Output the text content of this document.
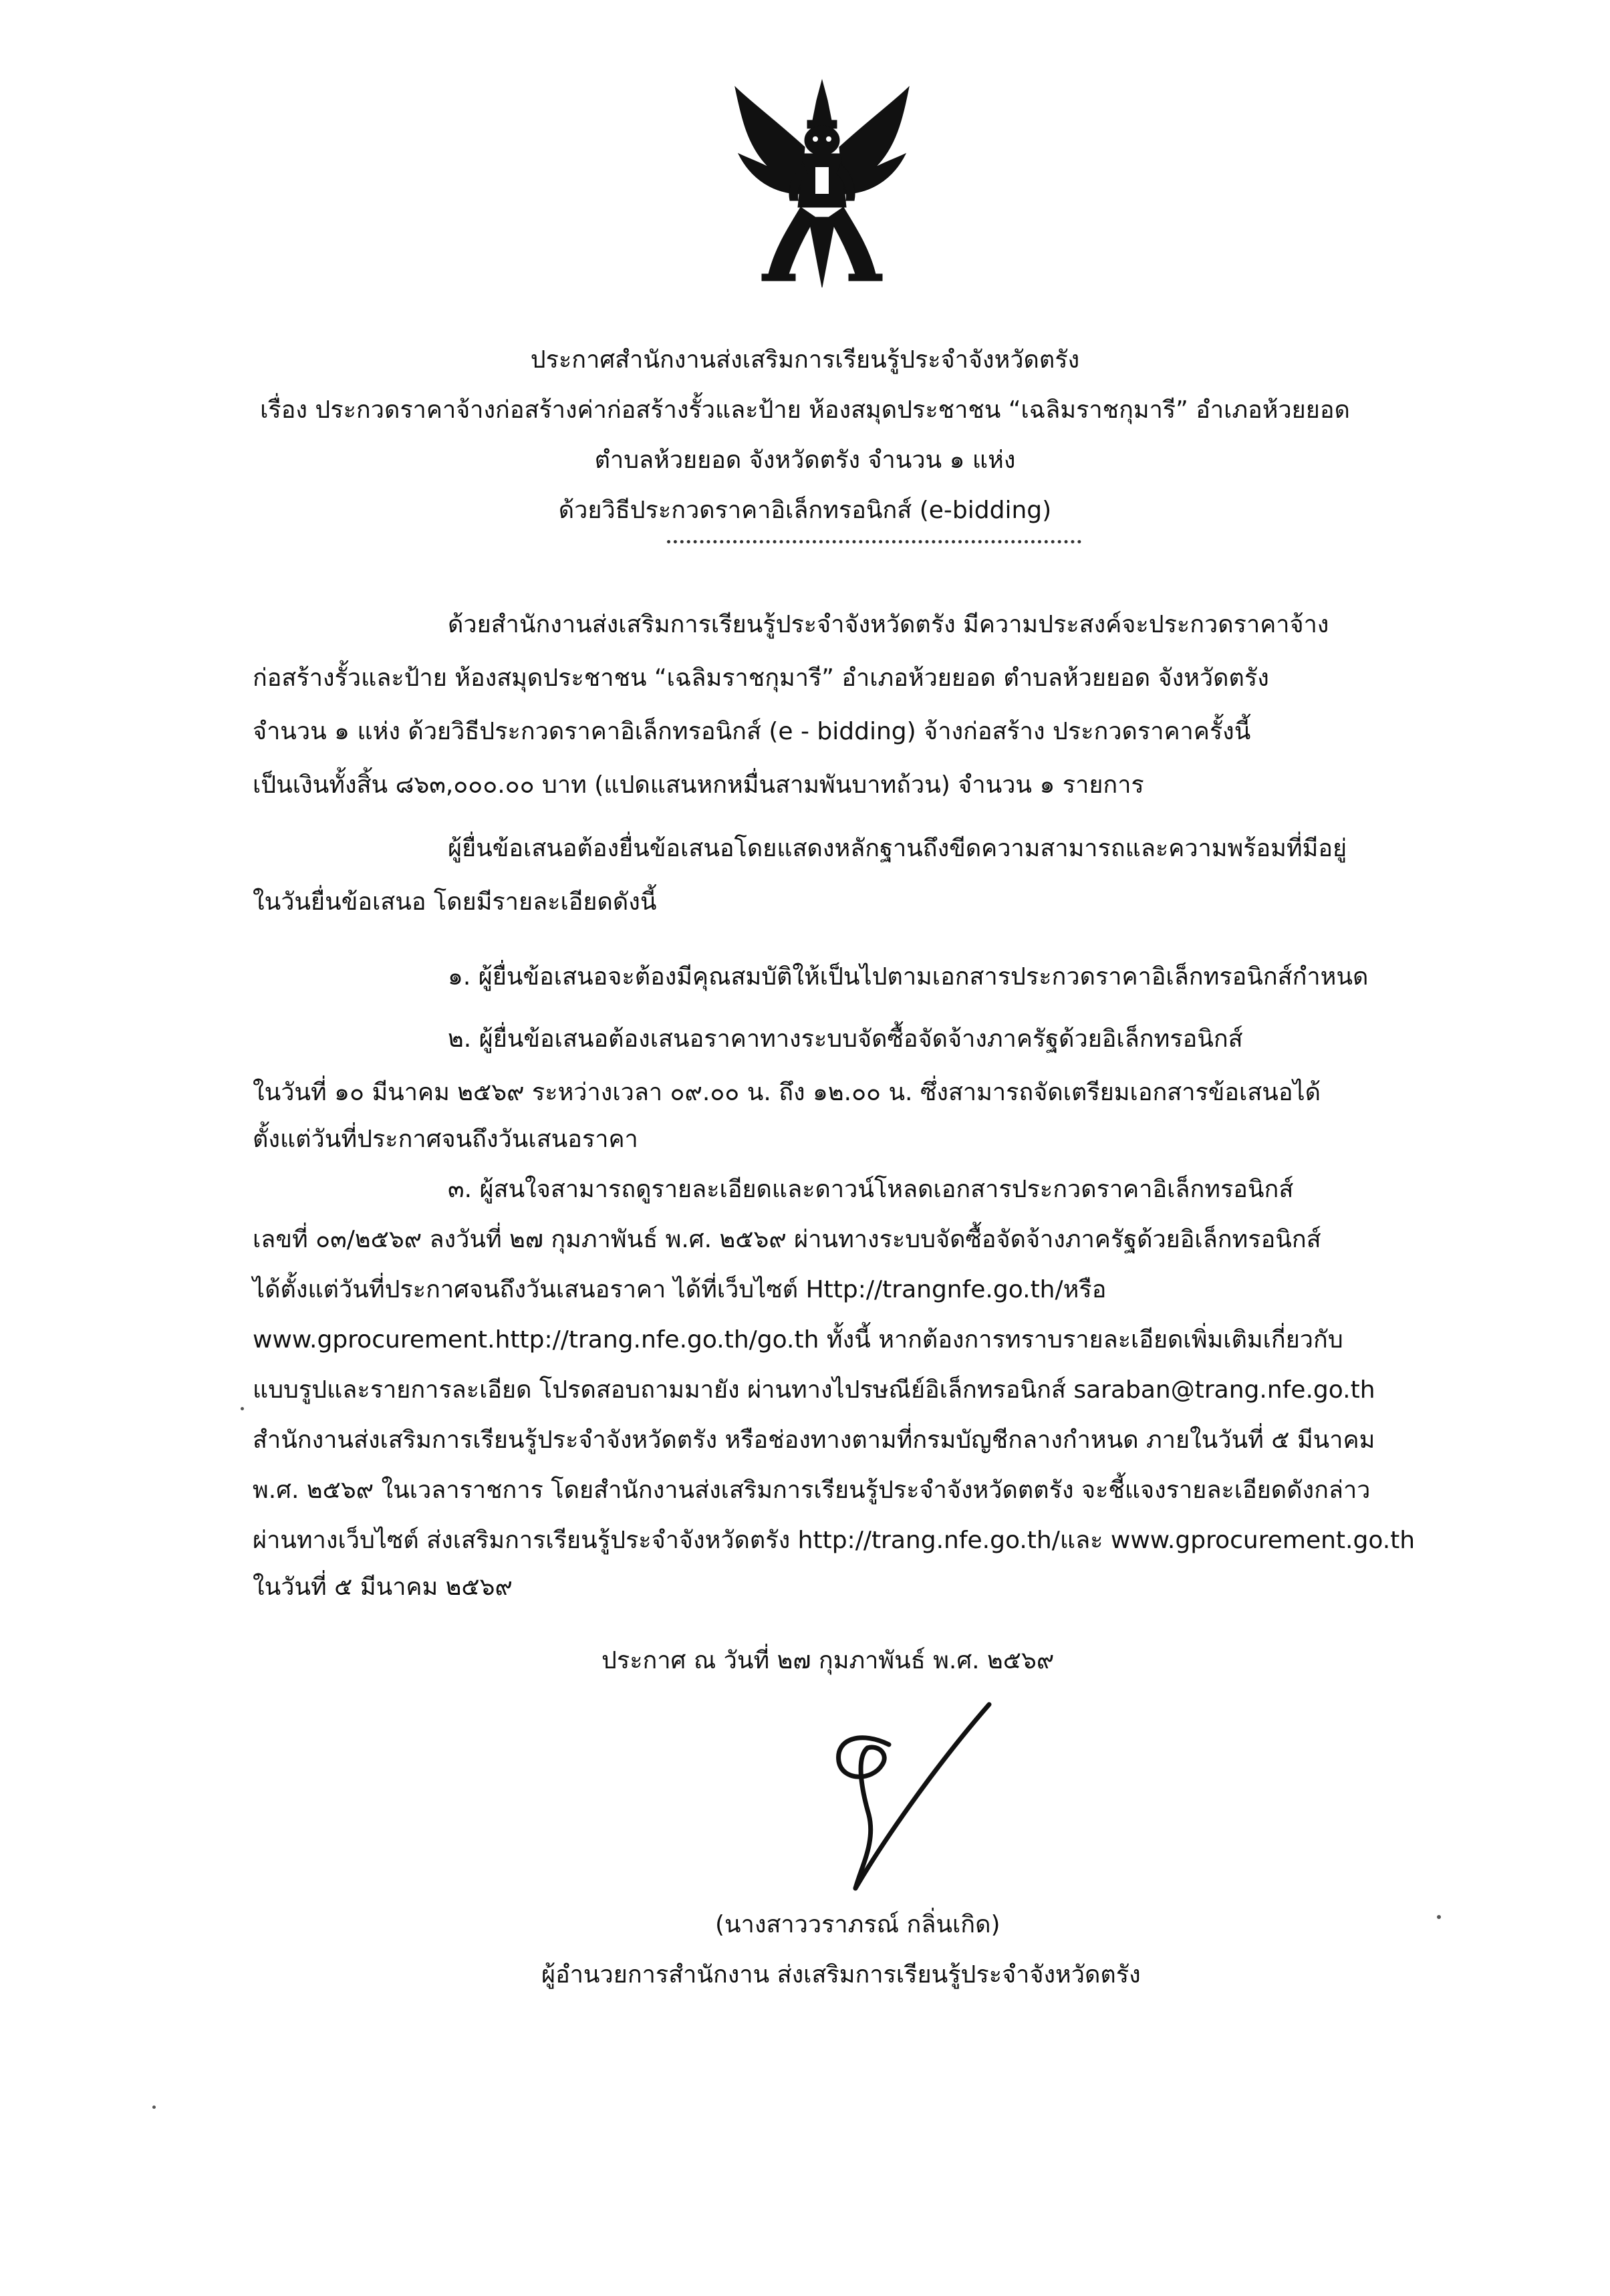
ประกาศสำนักงานส่งเสริมการเรียนรู้ประจำจังหวัดตรัง
เรื่อง ประกวดราคาจ้างก่อสร้างค่าก่อสร้างรั้วและป้าย ห้องสมุดประชาชน “เฉลิมราชกุมารี” อำเภอห้วยยอด
ตำบลห้วยยอด จังหวัดตรัง จำนวน ๑ แห่ง
ด้วยวิธีประกวดราคาอิเล็กทรอนิกส์ (e-bidding)
ด้วยสำนักงานส่งเสริมการเรียนรู้ประจำจังหวัดตรัง มีความประสงค์จะประกวดราคาจ้าง
ก่อสร้างรั้วและป้าย ห้องสมุดประชาชน “เฉลิมราชกุมารี” อำเภอห้วยยอด ตำบลห้วยยอด จังหวัดตรัง
จำนวน ๑ แห่ง ด้วยวิธีประกวดราคาอิเล็กทรอนิกส์ (e - bidding) จ้างก่อสร้าง ประกวดราคาครั้งนี้
เป็นเงินทั้งสิ้น ๘๖๓,๐๐๐.๐๐ บาท (แปดแสนหกหมื่นสามพันบาทถ้วน) จำนวน ๑ รายการ
ผู้ยื่นข้อเสนอต้องยื่นข้อเสนอโดยแสดงหลักฐานถึงขีดความสามารถและความพร้อมที่มีอยู่
ในวันยื่นข้อเสนอ โดยมีรายละเอียดดังนี้
๑. ผู้ยื่นข้อเสนอจะต้องมีคุณสมบัติให้เป็นไปตามเอกสารประกวดราคาอิเล็กทรอนิกส์กำหนด
๒. ผู้ยื่นข้อเสนอต้องเสนอราคาทางระบบจัดซื้อจัดจ้างภาครัฐด้วยอิเล็กทรอนิกส์
ในวันที่ ๑๐ มีนาคม ๒๕๖๙ ระหว่างเวลา ๐๙.๐๐ น. ถึง ๑๒.๐๐ น. ซึ่งสามารถจัดเตรียมเอกสารข้อเสนอได้
ตั้งแต่วันที่ประกาศจนถึงวันเสนอราคา
๓. ผู้สนใจสามารถดูรายละเอียดและดาวน์โหลดเอกสารประกวดราคาอิเล็กทรอนิกส์
เลขที่ ๐๓/๒๕๖๙ ลงวันที่ ๒๗ กุมภาพันธ์ พ.ศ. ๒๕๖๙ ผ่านทางระบบจัดซื้อจัดจ้างภาครัฐด้วยอิเล็กทรอนิกส์
ได้ตั้งแต่วันที่ประกาศจนถึงวันเสนอราคา ได้ที่เว็บไซต์ Http://trangnfe.go.th/หรือ
www.gprocurement.http://trang.nfe.go.th/go.th ทั้งนี้ หากต้องการทราบรายละเอียดเพิ่มเติมเกี่ยวกับ
แบบรูปและรายการละเอียด โปรดสอบถามมายัง ผ่านทางไปรษณีย์อิเล็กทรอนิกส์ saraban@trang.nfe.go.th
สำนักงานส่งเสริมการเรียนรู้ประจำจังหวัดตรัง หรือช่องทางตามที่กรมบัญชีกลางกำหนด ภายในวันที่ ๕ มีนาคม
พ.ศ. ๒๕๖๙ ในเวลาราชการ โดยสำนักงานส่งเสริมการเรียนรู้ประจำจังหวัดตตรัง จะชี้แจงรายละเอียดดังกล่าว
ผ่านทางเว็บไซต์ ส่งเสริมการเรียนรู้ประจำจังหวัดตรัง http://trang.nfe.go.th/และ www.gprocurement.go.th
ในวันที่ ๕ มีนาคม ๒๕๖๙
ประกาศ ณ วันที่ ๒๗ กุมภาพันธ์ พ.ศ. ๒๕๖๙
(นางสาววราภรณ์ กลิ่นเกิด)
ผู้อำนวยการสำนักงาน ส่งเสริมการเรียนรู้ประจำจังหวัดตรัง
